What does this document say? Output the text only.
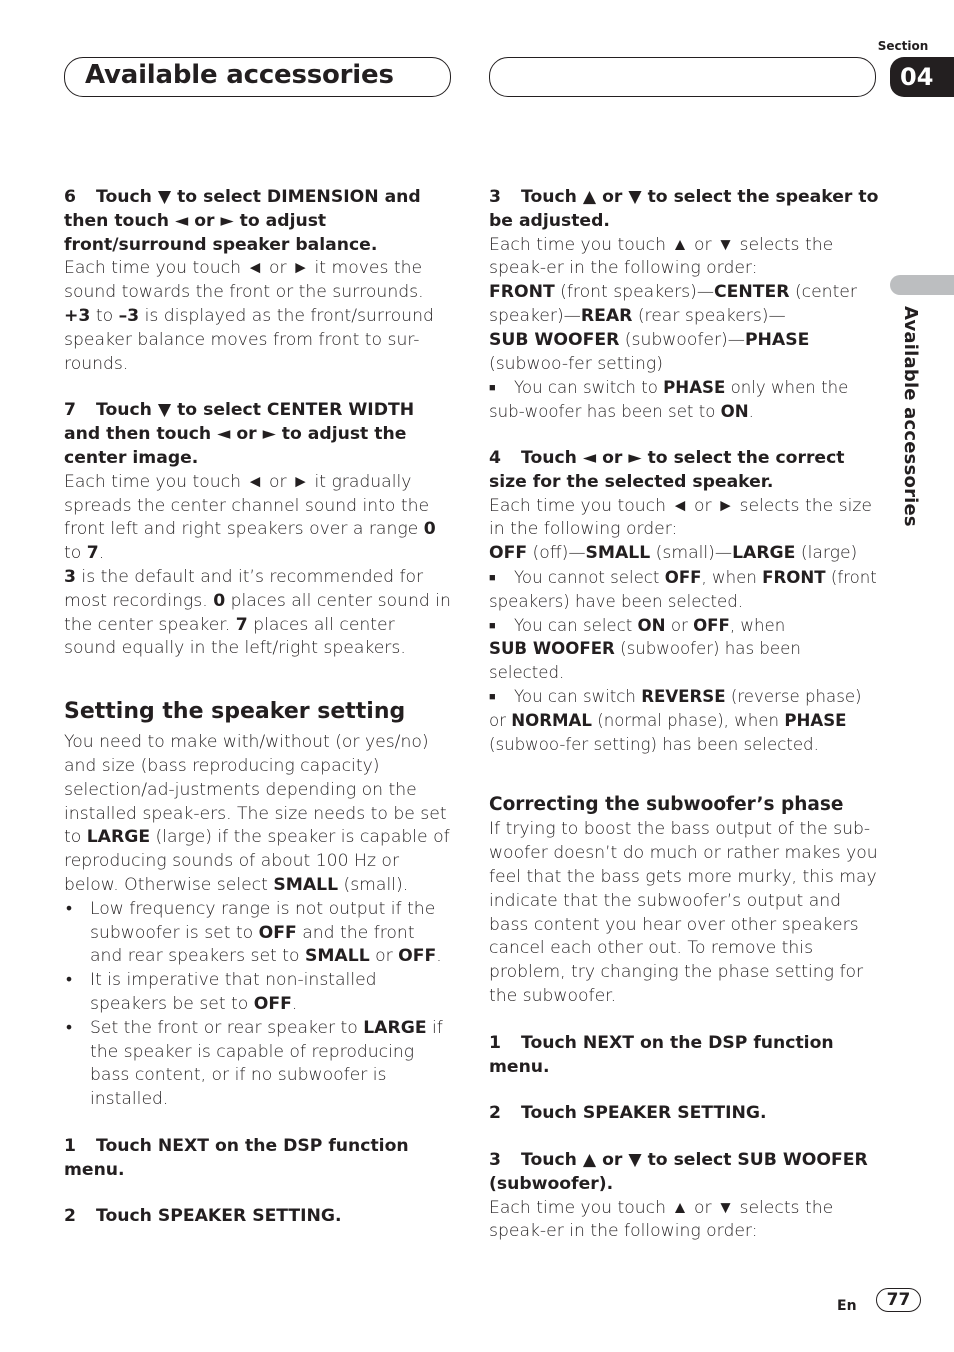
Available accessories
Section
04
Available accessories

6 Touch ▼ to select DIMENSION and then touch ◄ or ► to adjust front/surround speaker balance.

Each time you touch ◄ or ► it moves the sound towards the front or the surrounds.

+3 to –3 is displayed as the front/surround speaker balance moves from front to sur-rounds.

7 Touch ▼ to select CENTER WIDTH and then touch ◄ or ► to adjust the center image.

Each time you touch ◄ or ► it gradually spreads the center channel sound into the front left and right speakers over a range 0 to 7.

3 is the default and it’s recommended for most recordings. 0 places all center sound in the center speaker. 7 places all center sound equally in the left/right speakers.

Setting the speaker setting

You need to make with/without (or yes/no) and size (bass reproducing capacity) selection/ad-justments depending on the installed speak-ers. The size needs to be set to LARGE (large) if the speaker is capable of reproducing sounds of about 100 Hz or below. Otherwise select SMALL (small).

• Low frequency range is not output if the subwoofer is set to OFF and the front and rear speakers set to SMALL or OFF.

• It is imperative that non-installed speakers be set to OFF.

• Set the front or rear speaker to LARGE if the speaker is capable of reproducing bass content, or if no subwoofer is installed.

1 Touch NEXT on the DSP function menu.

2 Touch SPEAKER SETTING.

3 Touch ▲ or ▼ to select the speaker to be adjusted.

Each time you touch ▲ or ▼ selects the speak-er in the following order:

FRONT (front speakers)—CENTER (center speaker)—REAR (rear speakers)—
SUB WOOFER (subwoofer)—PHASE (subwoo-fer setting)

■ You can switch to PHASE only when the sub-woofer has been set to ON.

4 Touch ◄ or ► to select the correct size for the selected speaker.

Each time you touch ◄ or ► selects the size in the following order:

OFF (off)—SMALL (small)—LARGE (large)

■ You cannot select OFF, when FRONT (front speakers) have been selected.

■ You can select ON or OFF, when
SUB WOOFER (subwoofer) has been selected.

■ You can switch REVERSE (reverse phase) or NORMAL (normal phase), when PHASE (subwoo-fer setting) has been selected.

Correcting the subwoofer’s phase

If trying to boost the bass output of the sub-woofer doesn’t do much or rather makes you feel that the bass gets more murky, this may indicate that the subwoofer’s output and bass content you hear over other speakers cancel each other out. To remove this problem, try changing the phase setting for the subwoofer.

1 Touch NEXT on the DSP function menu.

2 Touch SPEAKER SETTING.

3 Touch ▲ or ▼ to select SUB WOOFER (subwoofer).

Each time you touch ▲ or ▼ selects the speak-er in the following order:

En	77
